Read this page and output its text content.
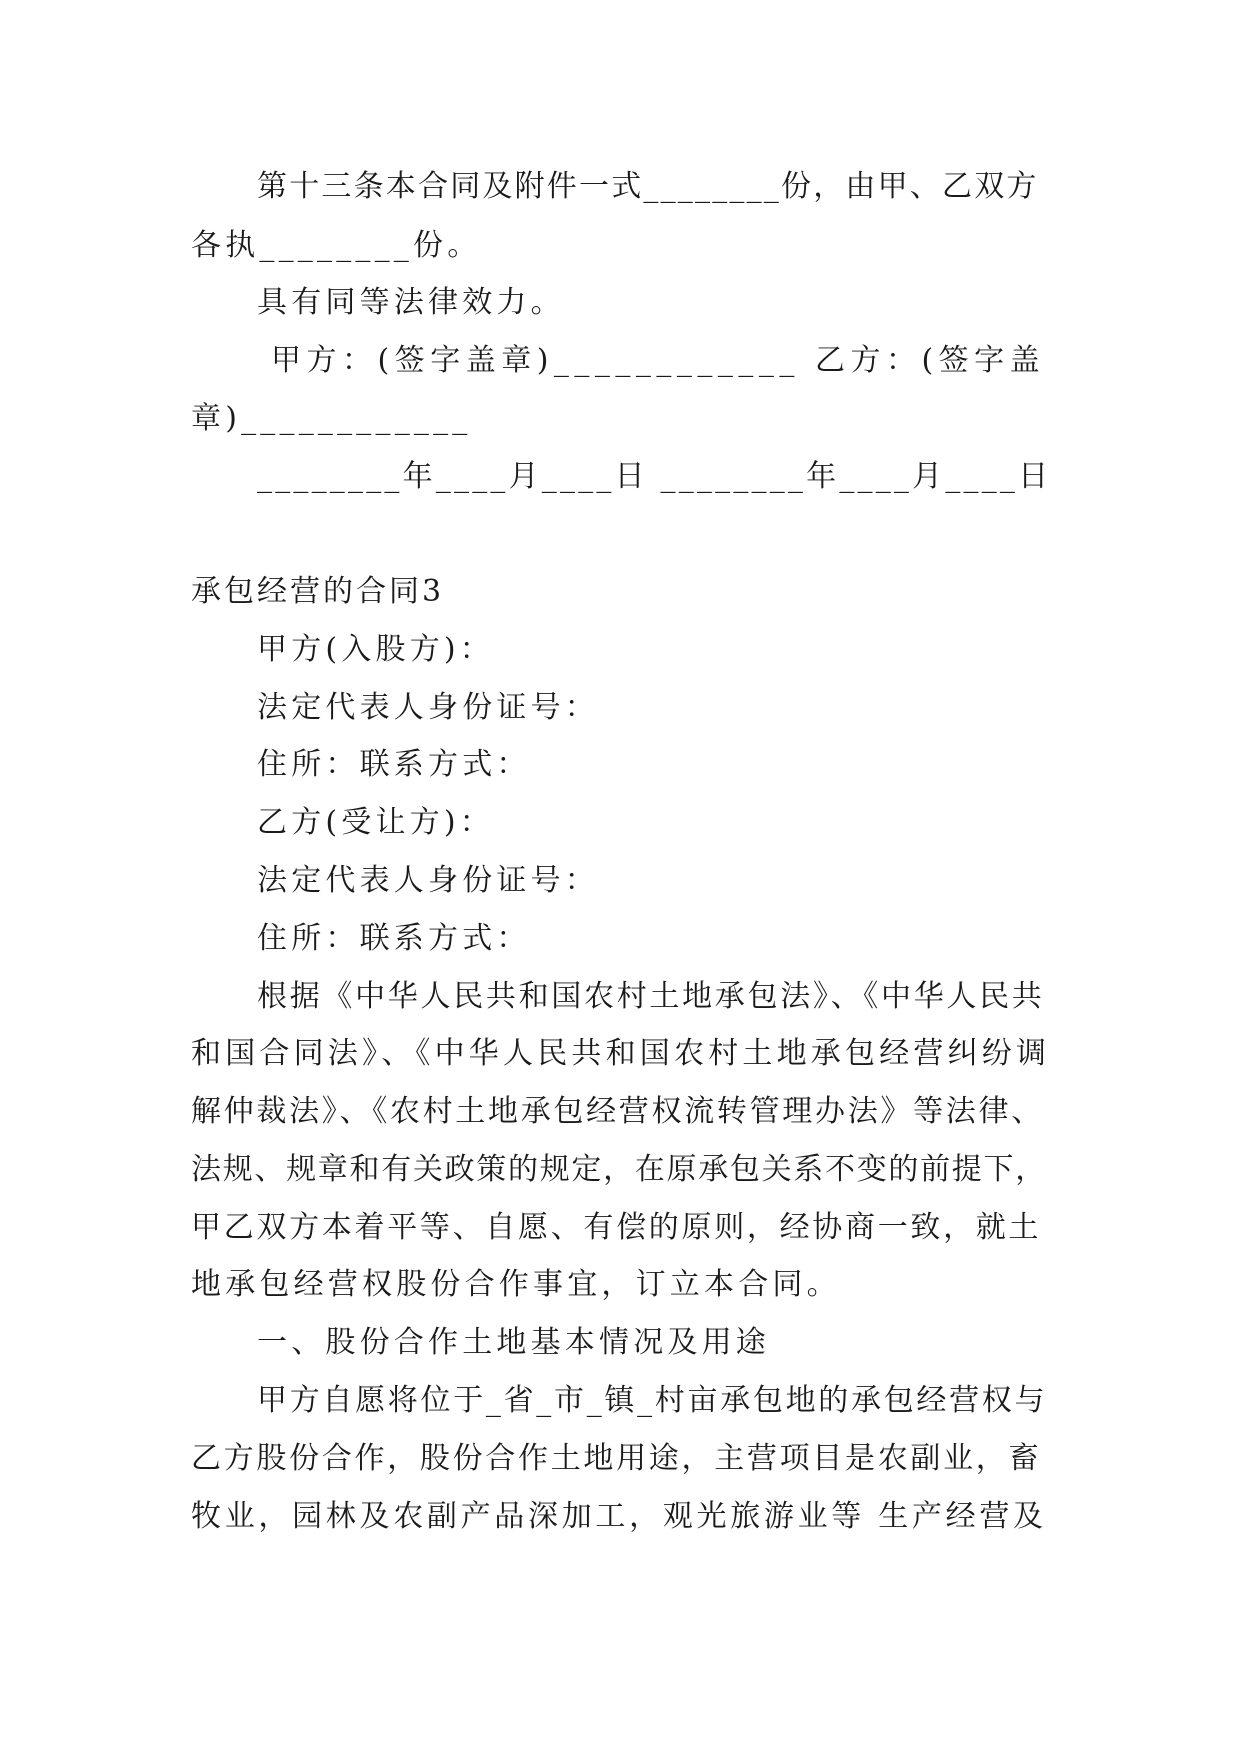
第十三条本合同及附件一式________份，由甲、乙双方
各执________份。
具有同等法律效力。
甲方：(签字盖章)____________ 乙方：(签字盖
章)____________
________年____月____日 ________年____月____日
承包经营的合同3
甲方(入股方)：
法定代表人身份证号：
住所：联系方式：
乙方(受让方)：
法定代表人身份证号：
住所：联系方式：
根据《中华人民共和国农村土地承包法》、《中华人民共
和国合同法》、《中华人民共和国农村土地承包经营纠纷调
解仲裁法》、《农村土地承包经营权流转管理办法》等法律、
法规、规章和有关政策的规定，在原承包关系不变的前提下，
甲乙双方本着平等、自愿、有偿的原则，经协商一致，就土
地承包经营权股份合作事宜，订立本合同。
一、股份合作土地基本情况及用途
甲方自愿将位于_省_市_镇_村亩承包地的承包经营权与
乙方股份合作，股份合作土地用途，主营项目是农副业，畜
牧业，园林及农副产品深加工，观光旅游业等 生产经营及
